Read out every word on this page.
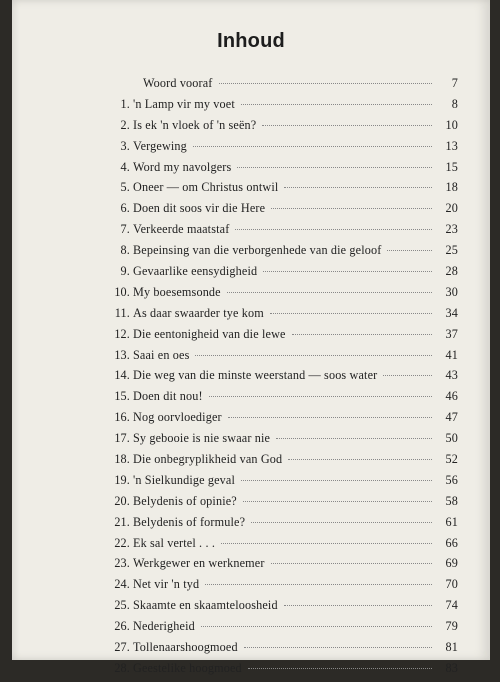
Inhoud
Woord vooraf	7
1. 'n Lamp vir my voet	8
2. Is ek 'n vloek of 'n seën?	10
3. Vergewing	13
4. Word my navolgers	15
5. Oneer — om Christus ontwil	18
6. Doen dit soos vir die Here	20
7. Verkeerde maatstaf	23
8. Bepeinsing van die verborgenhede van die geloof	25
9. Gevaarlike eensydigheid	28
10. My boesemsonde	30
11. As daar swaarder tye kom	34
12. Die eentonigheid van die lewe	37
13. Saai en oes	41
14. Die weg van die minste weerstand — soos water	43
15. Doen dit nou!	46
16. Nog oorvloediger	47
17. Sy gebooie is nie swaar nie	50
18. Die onbegryplikheid van God	52
19. 'n Sielkundige geval	56
20. Belydenis of opinie?	58
21. Belydenis of formule?	61
22. Ek sal vertel . . .	66
23. Werkgewer en werknemer	69
24. Net vir 'n tyd	70
25. Skaamte en skaamteloosheid	74
26. Nederigheid	79
27. Tollenaarshoogmoed	81
28. Geestelike hoogmoed	83
